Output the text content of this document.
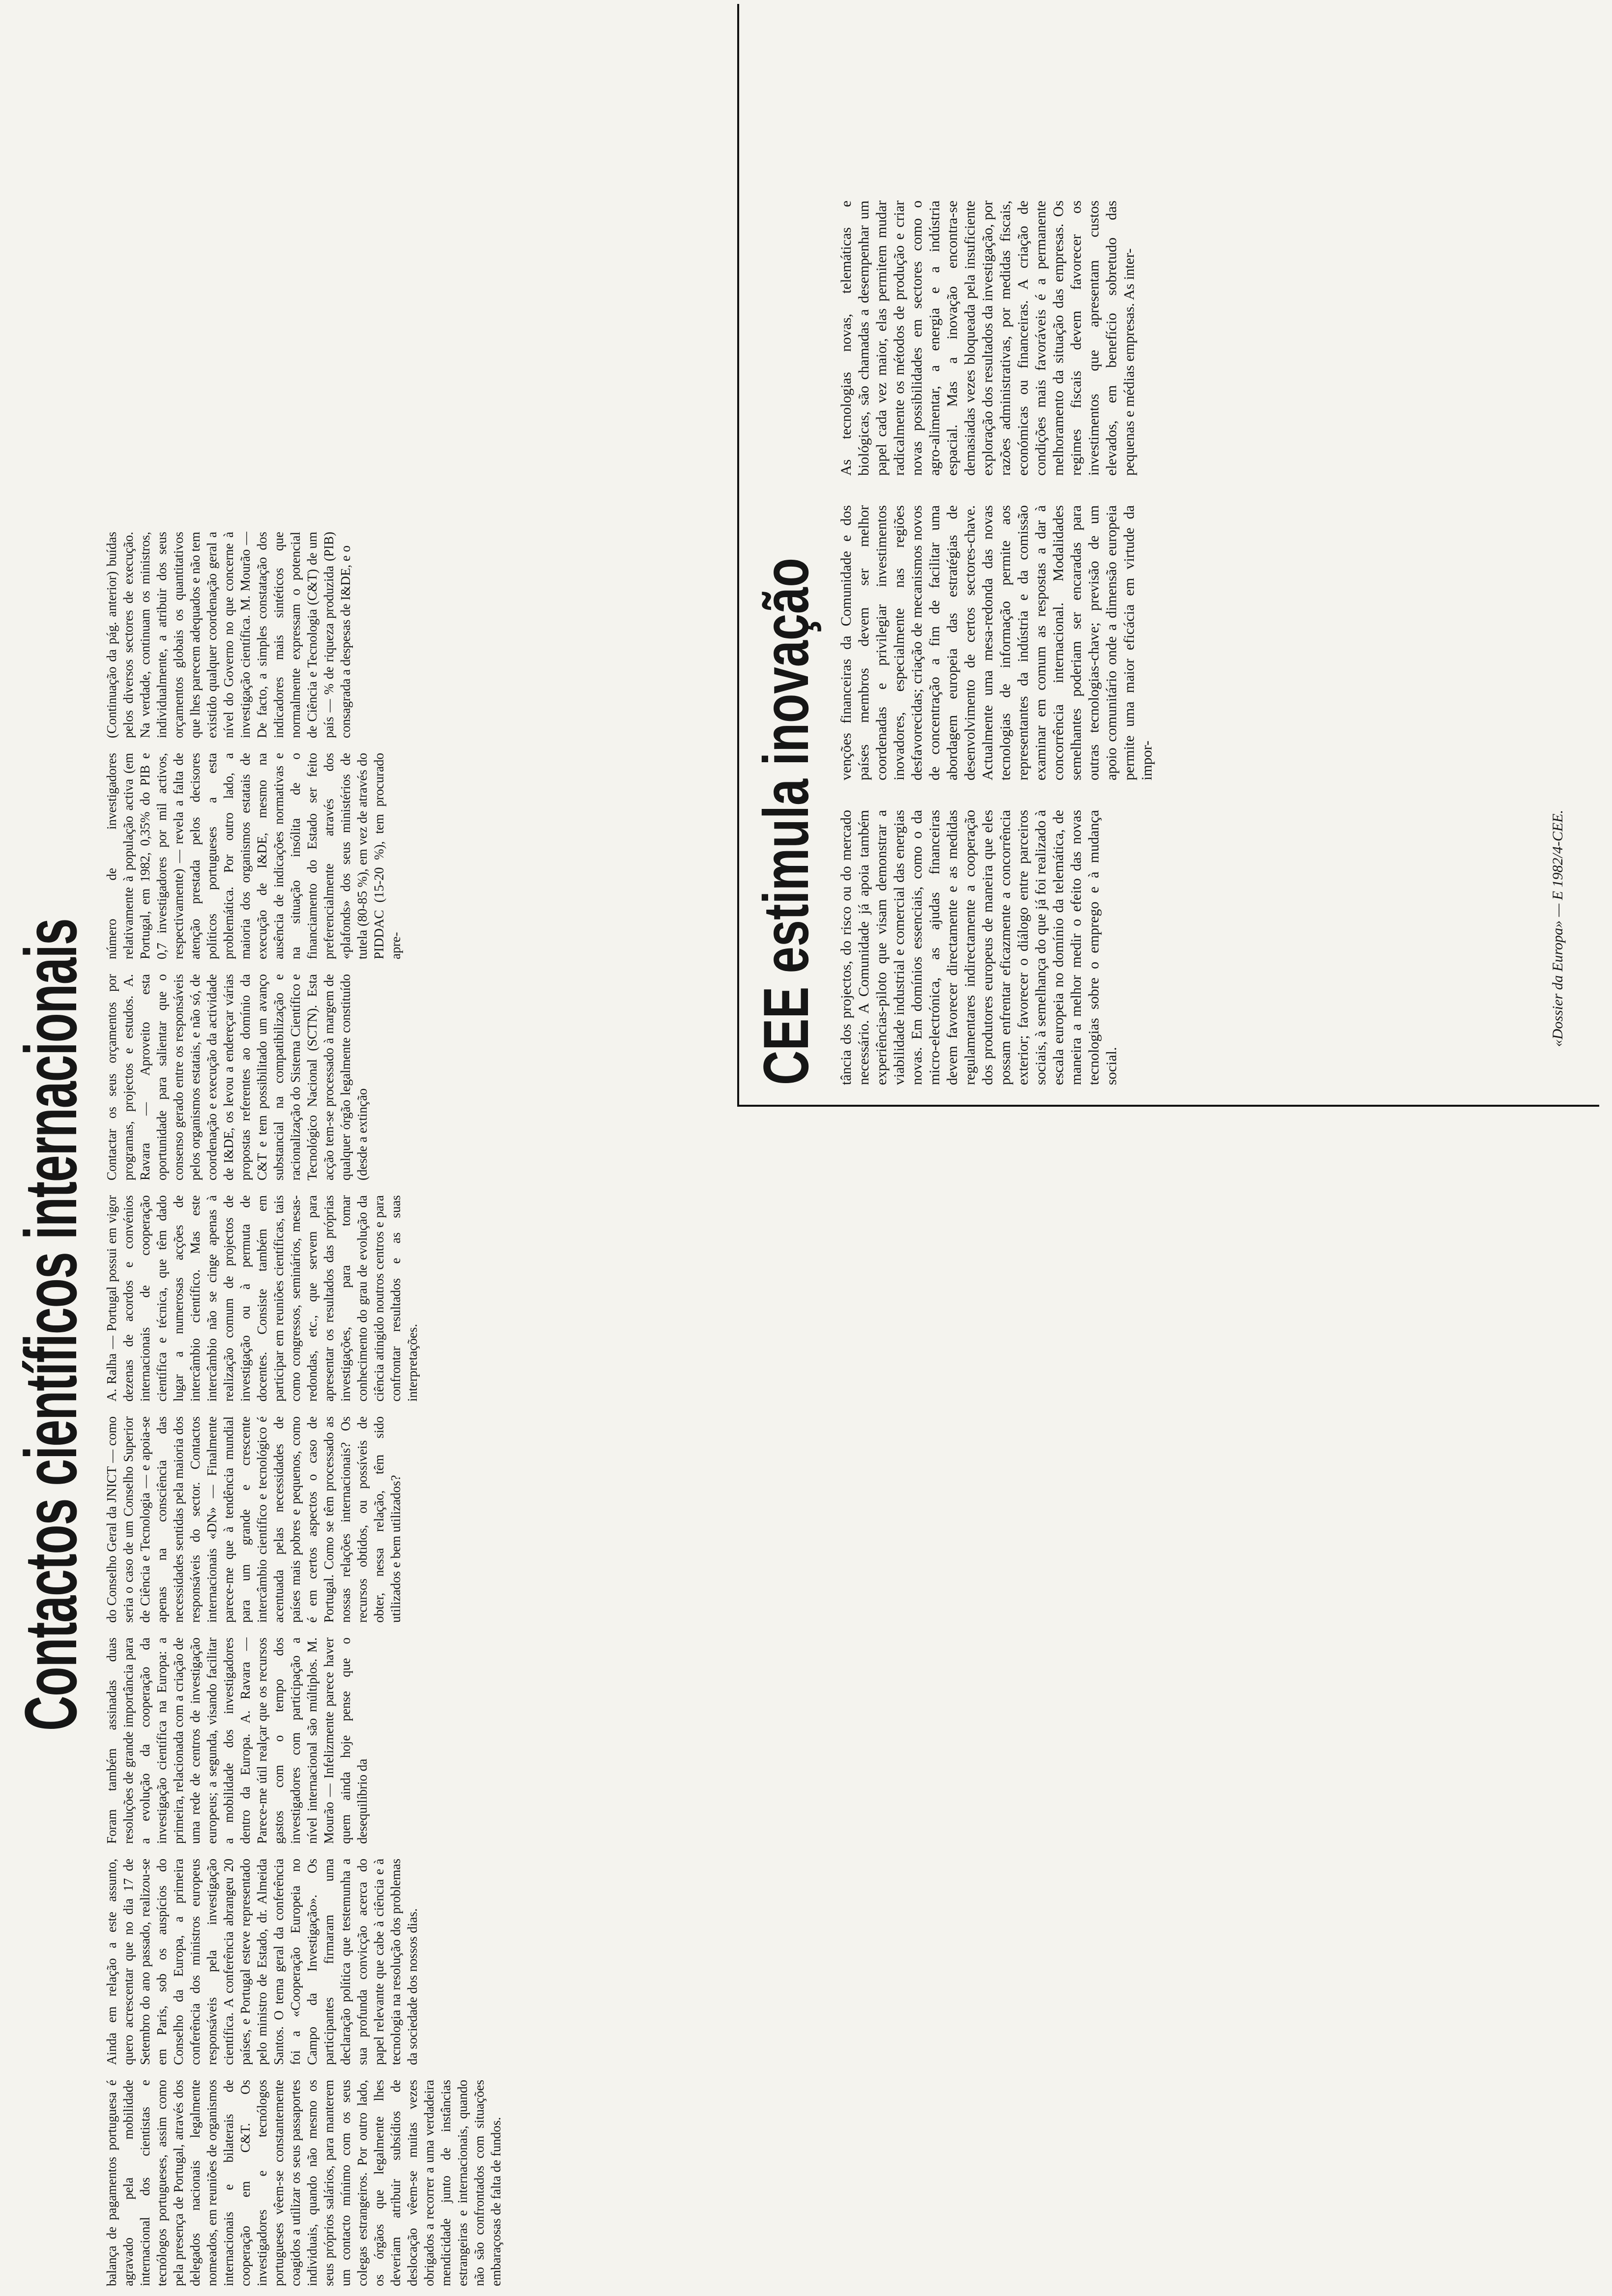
Contactos científicos internacionais

balança de pagamentos portuguesa é agravado pela mobilidade internacional dos cientistas e tecnólogos portugueses, assim como pela presença de Portugal, através dos delegados nacionais legalmente nomeados, em reuniões de organismos internacionais e bilaterais de cooperação em C&T. Os investigadores e tecnólogos portugueses vêem-se constantemente coagidos a utilizar os seus passaportes individuais, quando não mesmo os seus próprios salários, para manterem um contacto mínimo com os seus colegas estrangeiros. Por outro lado, os órgãos que legalmente lhes deveriam atribuir subsídios de deslocação vêem-se muitas vezes obrigados a recorrer a uma verdadeira mendicidade junto de instâncias estrangeiras e internacionais, quando não são confrontados com situações embaraçosas de falta de fundos.

Ainda em relação a este assunto, quero acrescentar que no dia 17 de Setembro do ano passado, realizou-se em Paris, sob os auspícios do Conselho da Europa, a primeira conferência dos ministros europeus responsáveis pela investigação científica. A conferência abrangeu 20 países, e Portugal esteve representado pelo ministro de Estado, dr. Almeida Santos. O tema geral da conferência foi a «Cooperação Europeia no Campo da Investigação». Os participantes firmaram uma declaração política que testemunha a sua profunda convicção acerca do papel relevante que cabe à ciência e à tecnologia na resolução dos problemas da sociedade dos nossos dias.

Foram também assinadas duas resoluções de grande importância para a evolução da cooperação da investigação científica na Europa: a primeira, relacionada com a criação de uma rede de centros de investigação europeus; a segunda, visando facilitar a mobilidade dos investigadores dentro da Europa. A. Ravara — Parece-me útil realçar que os recursos gastos com o tempo dos investigadores com participação a nível internacional são múltiplos. M. Mourão — Infelizmente parece haver quem ainda hoje pense que o desequilíbrio da

do Conselho Geral da JNICT — como seria o caso de um Conselho Superior de Ciência e Tecnologia — e apoia-se apenas na consciência das necessidades sentidas pela maioria dos responsáveis do sector. Contactos internacionais «DN» — Finalmente parece-me que à tendência mundial para um grande e crescente intercâmbio científico e tecnológico é acentuada pelas necessidades de países mais pobres e pequenos, como é em certos aspectos o caso de Portugal. Como se têm processado as nossas relações internacionais? Os recursos obtidos, ou possíveis de obter, nessa relação, têm sido utilizados e bem utilizados?

A. Ralha — Portugal possui em vigor dezenas de acordos e convénios internacionais de cooperação científica e técnica, que têm dado lugar a numerosas acções de intercâmbio científico. Mas este intercâmbio não se cinge apenas à realização comum de projectos de investigação ou à permuta de docentes. Consiste também em participar em reuniões científicas, tais como congressos, seminários, mesas-redondas, etc., que servem para apresentar os resultados das próprias investigações, para tomar conhecimento do grau de evolução da ciência atingido noutros centros e para confrontar resultados e as suas interpretações.

Contactar os seus orçamentos por programas, projectos e estudos. A. Ravara — Aproveito esta oportunidade para salientar que o consenso gerado entre os responsáveis pelos organismos estatais, e não só, de coordenação e execução da actividade de I&DE, os levou a endereçar várias propostas referentes ao domínio da C&T e tem possibilitado um avanço substancial na compatibilização e racionalização do Sistema Científico e Tecnológico Nacional (SCTN). Esta acção tem-se processado à margem de qualquer órgão legalmente constituído (desde a extinção

número de investigadores relativamente à população activa (em Portugal, em 1982, 0,35% do PIB e 0,7 investigadores por mil activos, respectivamente) — revela a falta de atenção prestada pelos decisores políticos portugueses a esta problemática. Por outro lado, a maioria dos organismos estatais de execução de I&DE, mesmo na ausência de indicações normativas e na situação insólita de o financiamento do Estado ser feito preferencialmente através dos «plafonds» dos seus ministérios de tutela (80-85 %), em vez de através do PIDDAC (15-20 %), tem procurado apre-

(Continuação da pág. anterior) buídas pelos diversos sectores de execução. Na verdade, continuam os ministros, individualmente, a atribuir dos seus orçamentos globais os quantitativos que lhes parecem adequados e não tem existido qualquer coordenação geral a nível do Governo no que concerne à investigação científica. M. Mourão — De facto, a simples constatação dos indicadores mais sintéticos que normalmente expressam o potencial de Ciência e Tecnologia (C&T) de um país — % de riqueza produzida (PIB) consagrada a despesas de I&DE, e o	CEE estimula inovação tância dos projectos, do risco ou do mercado necessário. A Comunidade já apoia também experiências-piloto que visam demonstrar a viabilidade industrial e comercial das energias novas. Em domínios essenciais, como o da micro-electrónica, as ajudas financeiras devem favorecer directamente e as medidas regulamentares indirectamente a cooperação dos produtores europeus de maneira que eles possam enfrentar eficazmente a concorrência exterior; favorecer o diálogo entre parceiros sociais, à semelhança do que já foi realizado à escala europeia no domínio da telemática, de maneira a melhor medir o efeito das novas tecnologias sobre o emprego e à mudança social.

venções financeiras da Comunidade e dos países membros devem ser melhor coordenadas e privilegiar investimentos inovadores, especialmente nas regiões desfavorecidas; criação de mecanismos novos de concentração a fim de facilitar uma abordagem europeia das estratégias de desenvolvimento de certos sectores-chave. Actualmente uma mesa-redonda das novas tecnologias de informação permite aos representantes da indústria e da comissão examinar em comum as respostas a dar à concorrência internacional. Modalidades semelhantes poderiam ser encaradas para outras tecnologias-chave; previsão de um apoio comunitário onde a dimensão europeia permite uma maior eficácia em virtude da impor-

As tecnologias novas, telemáticas e biológicas, são chamadas a desempenhar um papel cada vez maior, elas permitem mudar radicalmente os métodos de produção e criar novas possibilidades em sectores como o agro-alimentar, a energia e a indústria espacial. Mas a inovação encontra-se demasiadas vezes bloqueada pela insuficiente exploração dos resultados da investigação, por razões administrativas, por medidas fiscais, económicas ou financeiras. A criação de condições mais favoráveis é a permanente melhoramento da situação das empresas. Os regimes fiscais devem favorecer os investimentos que apresentam custos elevados, em benefício sobretudo das pequenas e médias empresas. As inter-

«Dossier da Europa» — E 1982/4-CEE.
